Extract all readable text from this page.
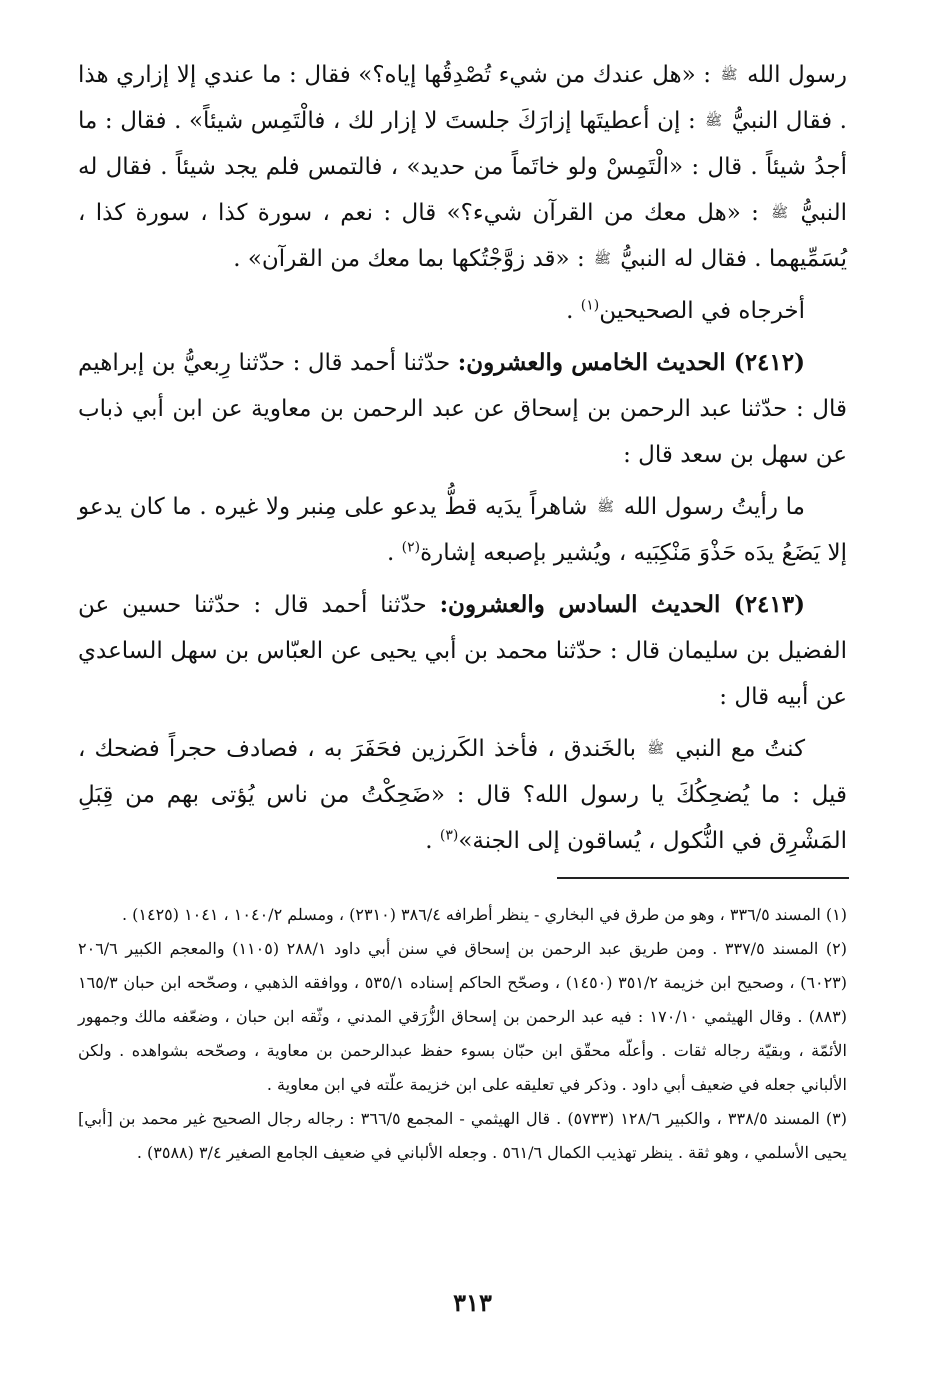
رسول الله ﷺ : «هل عندك من شيء تُصْدِقُها إياه؟» فقال : ما عندي إلا إزاري هذا . فقال النبيُّ ﷺ : إن أعطيتَها إزارَكَ جلستَ لا إزار لك ، فالْتَمِس شيئاً» . فقال : ما أجدُ شيئاً . قال : «الْتَمِسْ ولو خاتَماً من حديد» ، فالتمس فلم يجد شيئاً . فقال له النبيُّ ﷺ : «هل معك من القرآن شيء؟» قال : نعم ، سورة كذا ، سورة كذا ، يُسَمِّيهما . فقال له النبيُّ ﷺ : «قد زوَّجْتُكها بما معك من القرآن» .

أخرجاه في الصحيحين$^{(١)}$ .

(٢٤١٢) الحديث الخامس والعشرون: حدّثنا أحمد قال : حدّثنا رِبعيُّ بن إبراهيم قال : حدّثنا عبد الرحمن بن إسحاق عن عبد الرحمن بن معاوية عن ابن أبي ذباب عن سهل بن سعد قال :

ما رأيتُ رسول الله ﷺ شاهراً يدَيه قطُّ يدعو على مِنبر ولا غيره . ما كان يدعو إلا يَضَعُ يدَه حَذْوَ مَنْكِبَيه ، ويُشير بإصبعه إشارة$^{(٢)}$ .

(٢٤١٣) الحديث السادس والعشرون: حدّثنا أحمد قال : حدّثنا حسين عن الفضيل بن سليمان قال : حدّثنا محمد بن أبي يحيى عن العبّاس بن سهل الساعدي عن أبيه قال :

كنتُ مع النبي ﷺ بالخَندق ، فأخذ الكَرزين فحَفَرَ به ، فصادف حجراً فضحك ، قيل : ما يُضحِكُكَ يا رسول الله؟ قال : «ضَحِكْتُ من ناس يُؤتى بهم من قِبَلِ المَشْرِق في النُّكول ، يُساقون إلى الجنة»$^{(٣)}$ .

(١) المسند ٣٣٦/٥ ، وهو من طرق في البخاري - ينظر أطرافه ٣٨٦/٤ (٢٣١٠) ، ومسلم ١٠٤٠/٢ ، ١٠٤١ (١٤٢٥) .

(٢) المسند ٣٣٧/٥ . ومن طريق عبد الرحمن بن إسحاق في سنن أبي داود ٢٨٨/١ (١١٠٥) والمعجم الكبير ٢٠٦/٦ (٦٠٢٣) ، وصحيح ابن خزيمة ٣٥١/٢ (١٤٥٠) ، وصحّح الحاكم إسناده ٥٣٥/١ ، ووافقه الذهبي ، وصحّحه ابن حبان ١٦٥/٣ (٨٨٣) . وقال الهيثمي ١٧٠/١٠ : فيه عبد الرحمن بن إسحاق الزُّرَقي المدني ، وثّقه ابن حبان ، وضعّفه مالك وجمهور الأئمّة ، وبقيّة رجاله ثقات . وأعلّه محقّق ابن حبّان بسوء حفظ عبدالرحمن بن معاوية ، وصحّحه بشواهده . ولكن الألباني جعله في ضعيف أبي داود . وذكر في تعليقه على ابن خزيمة علّته في ابن معاوية .

(٣) المسند ٣٣٨/٥ ، والكبير ١٢٨/٦ (٥٧٣٣) . قال الهيثمي - المجمع ٣٦٦/٥ : رجاله رجال الصحيح غير محمد بن [أبي] يحيى الأسلمي ، وهو ثقة . ينظر تهذيب الكمال ٥٦١/٦ . وجعله الألباني في ضعيف الجامع الصغير ٣/٤ (٣٥٨٨) .

٣١٣
